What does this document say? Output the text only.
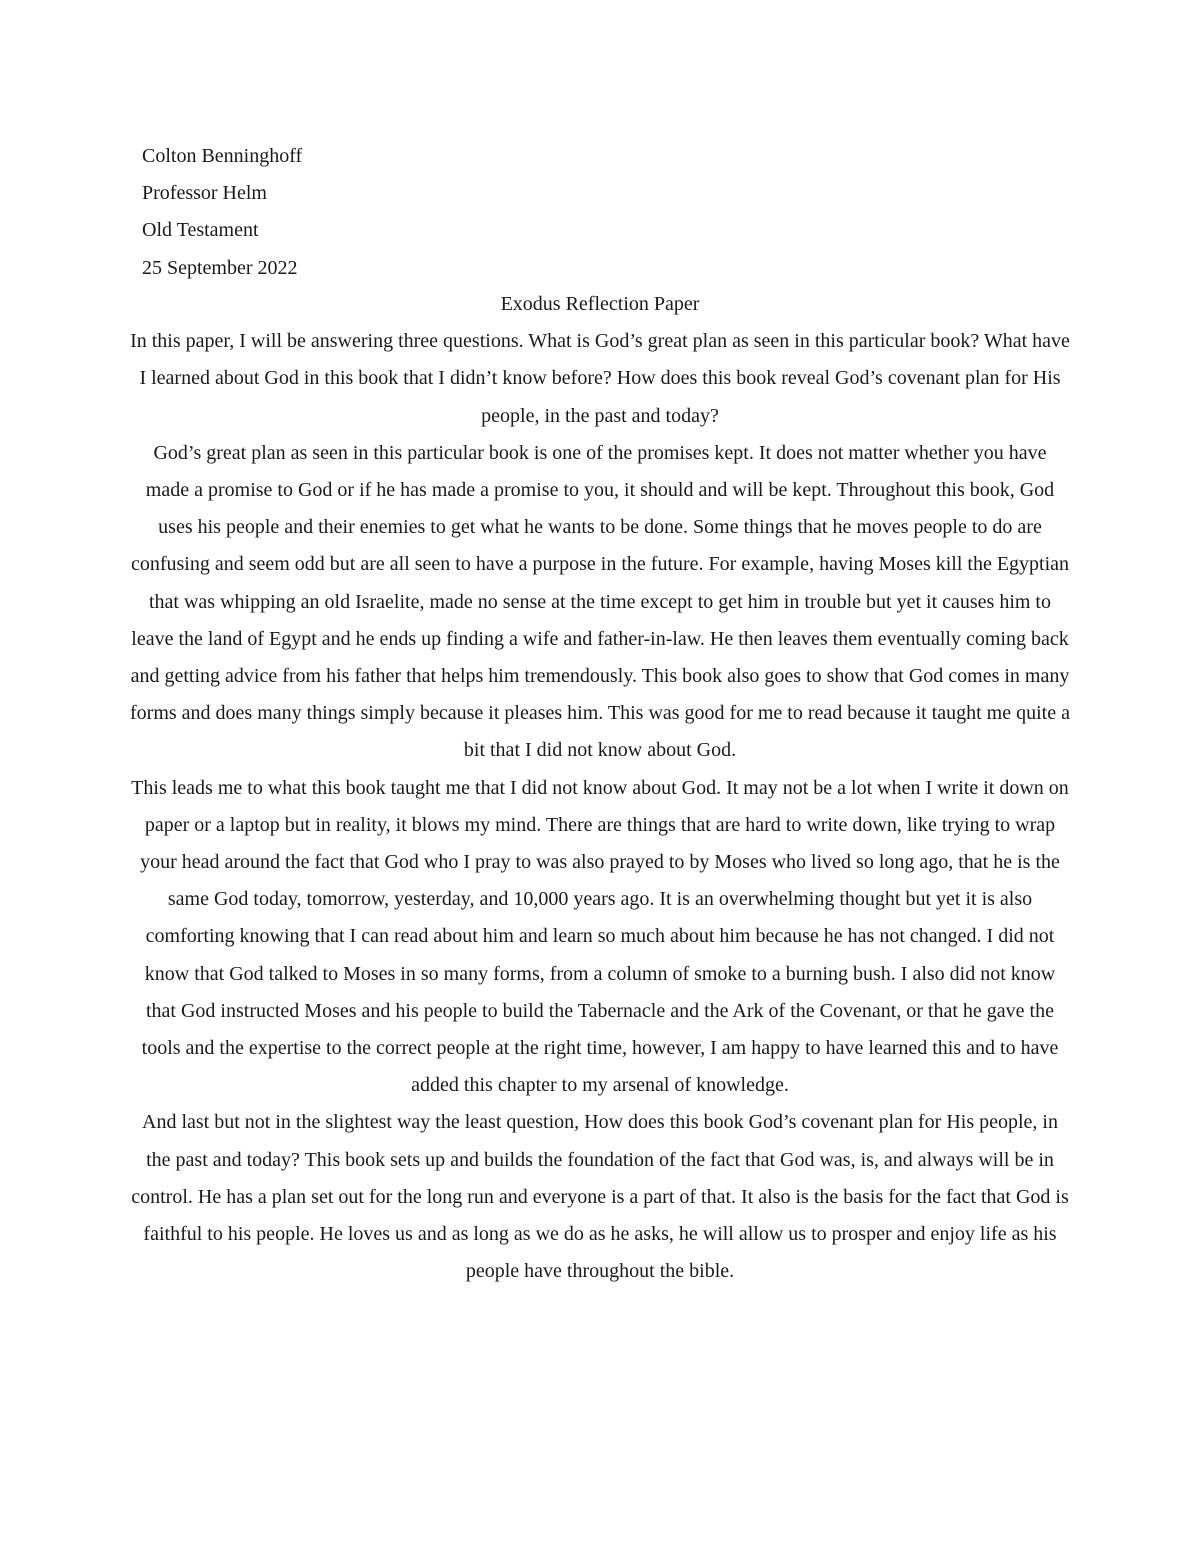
Colton Benninghoff
Professor Helm
Old Testament
25 September 2022
Exodus Reflection Paper

In this paper, I will be answering three questions. What is God’s great plan as seen in this particular book? What have I learned about God in this book that I didn’t know before? How does this book reveal God’s covenant plan for His people, in the past and today?

God’s great plan as seen in this particular book is one of the promises kept. It does not matter whether you have made a promise to God or if he has made a promise to you, it should and will be kept. Throughout this book, God uses his people and their enemies to get what he wants to be done. Some things that he moves people to do are confusing and seem odd but are all seen to have a purpose in the future. For example, having Moses kill the Egyptian that was whipping an old Israelite, made no sense at the time except to get him in trouble but yet it causes him to leave the land of Egypt and he ends up finding a wife and father-in-law. He then leaves them eventually coming back and getting advice from his father that helps him tremendously. This book also goes to show that God comes in many forms and does many things simply because it pleases him. This was good for me to read because it taught me quite a bit that I did not know about God.

This leads me to what this book taught me that I did not know about God. It may not be a lot when I write it down on paper or a laptop but in reality, it blows my mind. There are things that are hard to write down, like trying to wrap your head around the fact that God who I pray to was also prayed to by Moses who lived so long ago, that he is the same God today, tomorrow, yesterday, and 10,000 years ago. It is an overwhelming thought but yet it is also comforting knowing that I can read about him and learn so much about him because he has not changed. I did not know that God talked to Moses in so many forms, from a column of smoke to a burning bush. I also did not know that God instructed Moses and his people to build the Tabernacle and the Ark of the Covenant, or that he gave the tools and the expertise to the correct people at the right time, however, I am happy to have learned this and to have added this chapter to my arsenal of knowledge.

And last but not in the slightest way the least question, How does this book God’s covenant plan for His people, in the past and today? This book sets up and builds the foundation of the fact that God was, is, and always will be in control. He has a plan set out for the long run and everyone is a part of that. It also is the basis for the fact that God is faithful to his people. He loves us and as long as we do as he asks, he will allow us to prosper and enjoy life as his people have throughout the bible.
